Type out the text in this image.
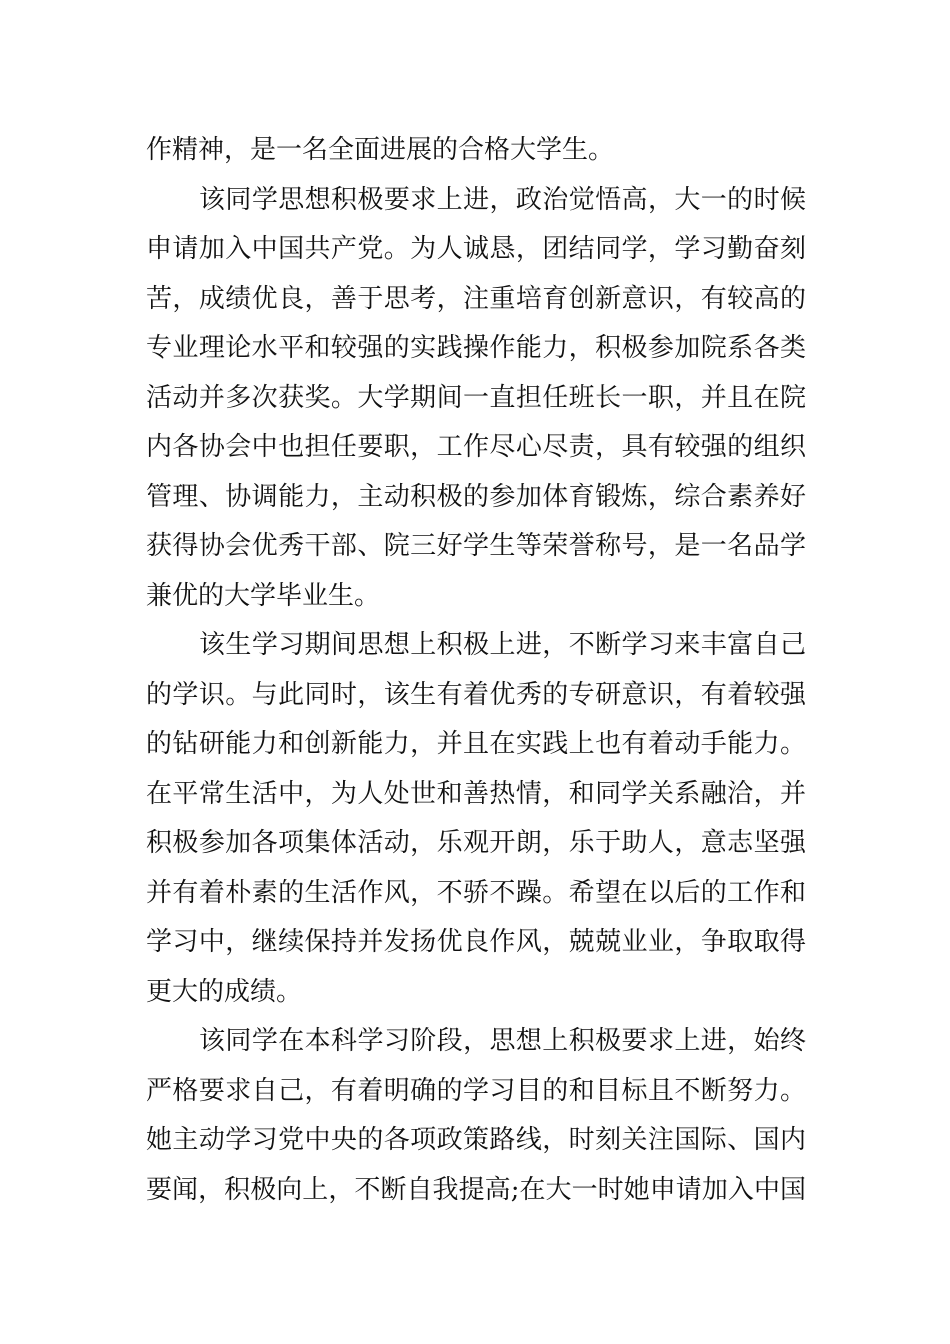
作精神，是一名全面进展的合格大学生。
该同学思想积极要求上进，政治觉悟高，大一的时候
申请加入中国共产党。为人诚恳，团结同学，学习勤奋刻
苦，成绩优良，善于思考，注重培育创新意识，有较高的
专业理论水平和较强的实践操作能力，积极参加院系各类
活动并多次获奖。大学期间一直担任班长一职，并且在院
内各协会中也担任要职，工作尽心尽责，具有较强的组织
管理、协调能力，主动积极的参加体育锻炼，综合素养好
获得协会优秀干部、院三好学生等荣誉称号，是一名品学
兼优的大学毕业生。
该生学习期间思想上积极上进，不断学习来丰富自己
的学识。与此同时，该生有着优秀的专研意识，有着较强
的钻研能力和创新能力，并且在实践上也有着动手能力。
在平常生活中，为人处世和善热情，和同学关系融洽，并
积极参加各项集体活动，乐观开朗，乐于助人，意志坚强
并有着朴素的生活作风，不骄不躁。希望在以后的工作和
学习中，继续保持并发扬优良作风，兢兢业业，争取取得
更大的成绩。
该同学在本科学习阶段，思想上积极要求上进，始终
严格要求自己，有着明确的学习目的和目标且不断努力。
她主动学习党中央的各项政策路线，时刻关注国际、国内
要闻，积极向上，不断自我提高;在大一时她申请加入中国
